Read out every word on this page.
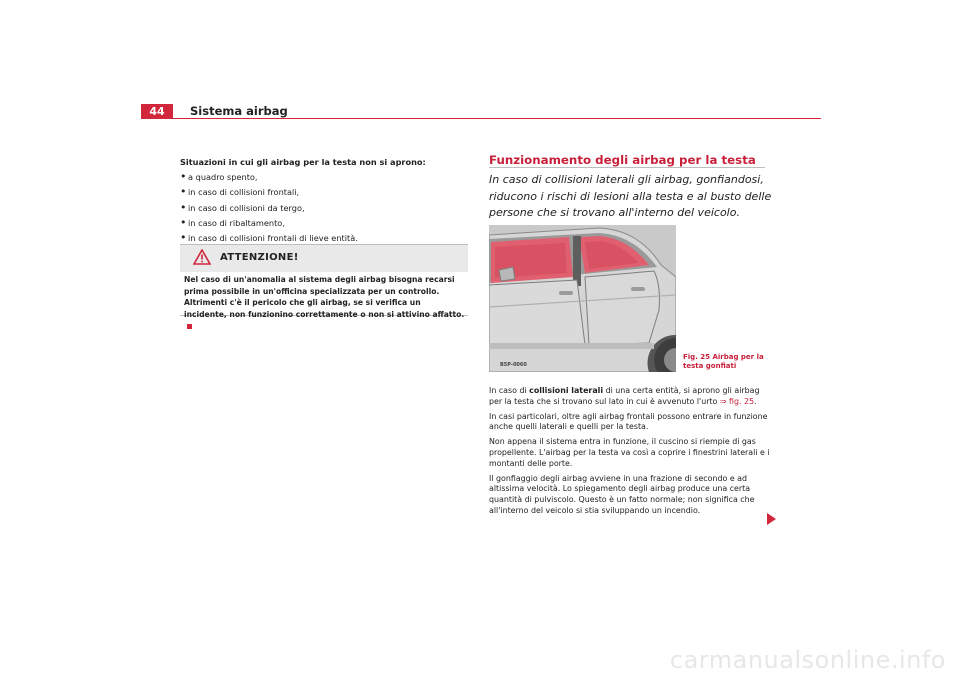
44	Sistema airbag

Situazioni in cui gli airbag per la testa non si aprono:

• a quadro spento,
• in caso di collisioni frontali,
• in caso di collisioni da tergo,
• in caso di ribaltamento,
• in caso di collisioni frontali di lieve entità.
ATTENZIONE!
Nel caso di un'anomalia al sistema degli airbag bisogna recarsi prima possibile in un'officina specializzata per un controllo. Altrimenti c'è il pericolo che gli airbag, se si verifica un incidente, non funzionino correttamente o non si attivino affatto.
Funzionamento degli airbag per la testa
In caso di collisioni laterali gli airbag, gonfiandosi, riducono i rischi di lesioni alla testa e al busto delle persone che si trovano all'interno del veicolo.
B5P-0060
Fig. 25 Airbag per la testa gonfiati

In caso di collisioni laterali di una certa entità, si aprono gli airbag per la testa che si trovano sul lato in cui è avvenuto l'urto ⇒ fig. 25.

In casi particolari, oltre agli airbag frontali possono entrare in funzione anche quelli laterali e quelli per la testa.

Non appena il sistema entra in funzione, il cuscino si riempie di gas propellente. L'airbag per la testa va così a coprire i finestrini laterali e i montanti delle porte.

Il gonfiaggio degli airbag avviene in una frazione di secondo e ad altissima velocità. Lo spiegamento degli airbag produce una certa quantità di pulviscolo. Questo è un fatto normale; non significa che all'interno del veicolo si stia sviluppando un incendio.

carmanualsonline.info
